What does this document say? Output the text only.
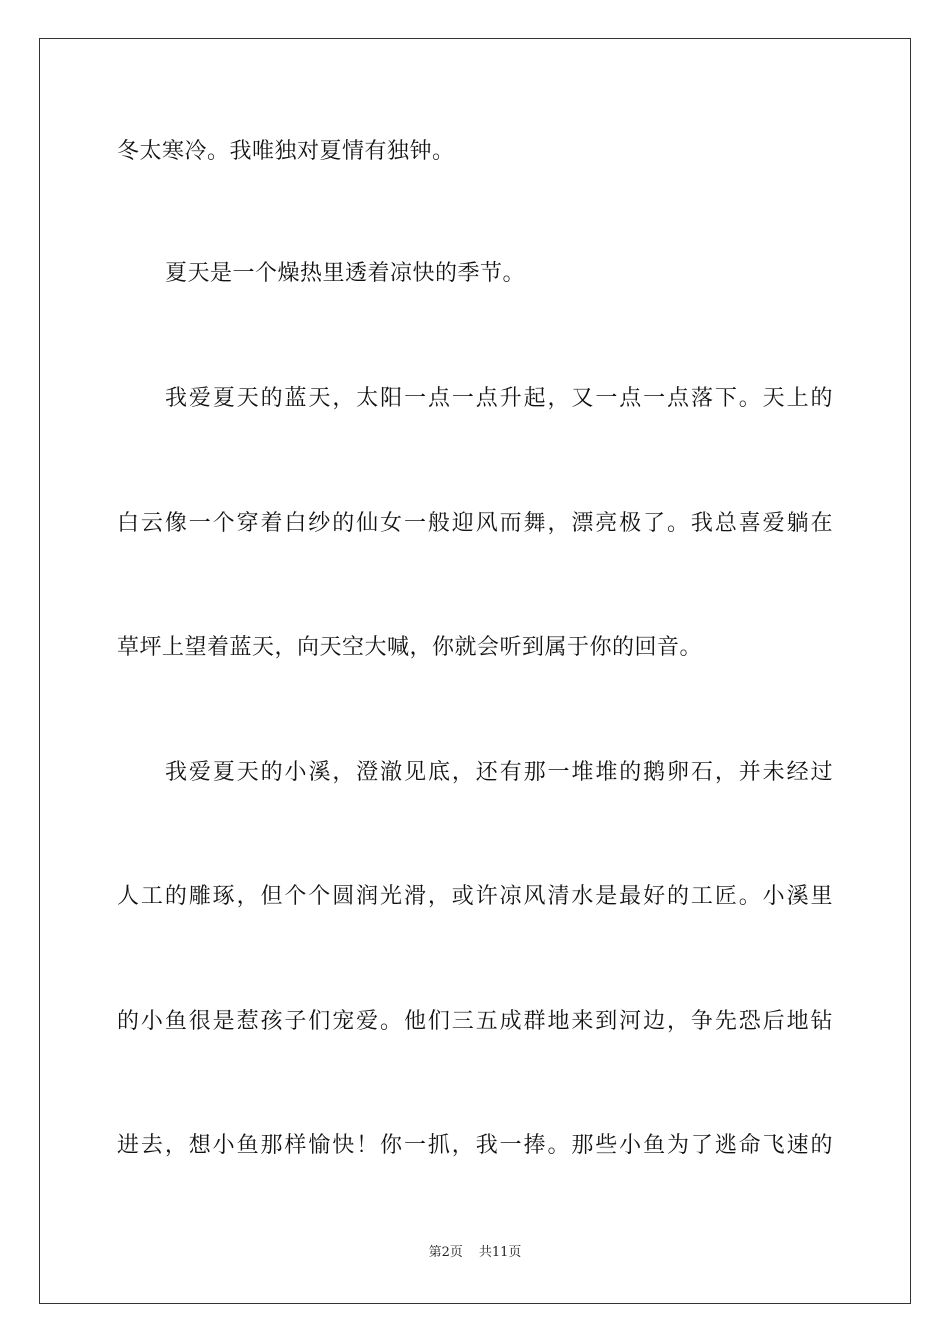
冬太寒冷。我唯独对夏情有独钟。
夏天是一个燥热里透着凉快的季节。
我爱夏天的蓝天，太阳一点一点升起，又一点一点落下。天上的
白云像一个穿着白纱的仙女一般迎风而舞，漂亮极了。我总喜爱躺在
草坪上望着蓝天，向天空大喊，你就会听到属于你的回音。
我爱夏天的小溪，澄澈见底，还有那一堆堆的鹅卵石，并未经过
人工的雕琢，但个个圆润光滑，或许凉风清水是最好的工匠。小溪里
的小鱼很是惹孩子们宠爱。他们三五成群地来到河边，争先恐后地钻
进去，想小鱼那样愉快！你一抓，我一捧。那些小鱼为了逃命飞速的
第2页 共11页
